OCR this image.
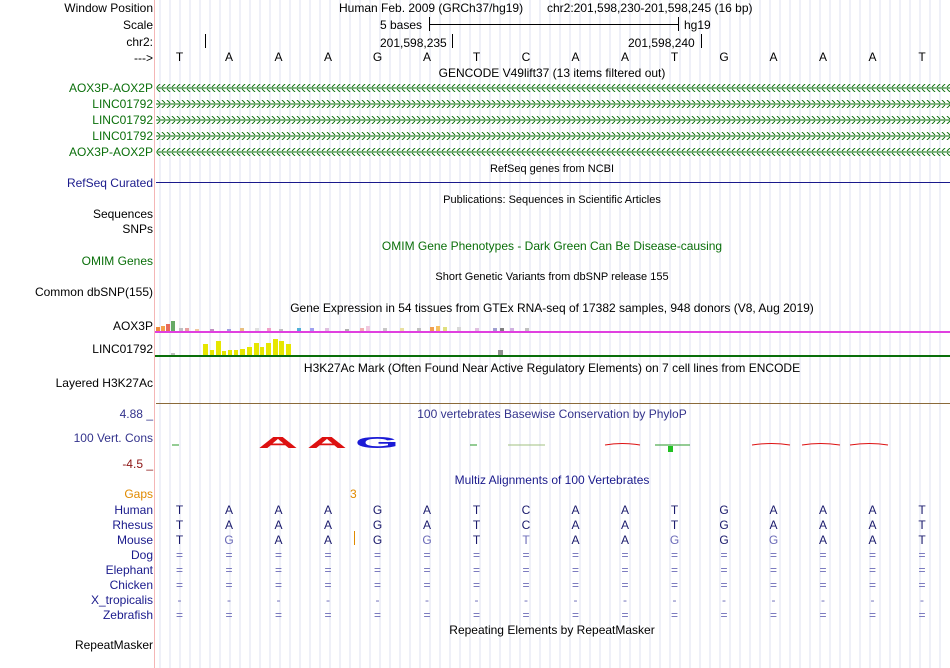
Window Position
Scale
chr2:
--->
Human Feb. 2009 (GRCh37/hg19) chr2:201,598,230-201,598,245 (16 bp)
5 bases	hg19
201,598,235	201,598,240
T	A	A	A	G	A	T	C	A	A	T	G	A	A	A	T
GENCODE V49lift37 (13 items filtered out)
AOX3P-AOX2P
LINC01792
LINC01792
LINC01792
AOX3P-AOX2P
RefSeq genes from NCBI
RefSeq Curated
Publications: Sequences in Scientific Articles
Sequences
SNPs
OMIM Gene Phenotypes - Dark Green Can Be Disease-causing
OMIM Genes
Short Genetic Variants from dbSNP release 155
Common dbSNP(155)
Gene Expression in 54 tissues from GTEx RNA-seq of 17382 samples, 948 donors (V8, Aug 2019)
AOX3P
LINC01792
H3K27Ac Mark (Often Found Near Active Regulatory Elements) on 7 cell lines from ENCODE
Layered H3K27Ac
100 vertebrates Basewise Conservation by PhyloP
4.88 _
100 Vert. Cons
-4.5 _
A A G
Multiz Alignments of 100 Vertebrates
Gaps	3
Human	T	A	A	A	G	A	T	C	A	A	T	G	A	A	A	T
Rhesus	T	A	A	A	G	A	T	C	A	A	T	G	A	A	A	T
Mouse	T	G	A	A	G	G	T	T	A	A	G	G	G	A	A	T
Dog	=	=	=	=	=	=	=	=	=	=	=	=	=	=	=	=
Elephant	=	=	=	=	=	=	=	=	=	=	=	=	=	=	=	=
Chicken	=	=	=	=	=	=	=	=	=	=	=	=	=	=	=	=
X_tropicalis	-	-	-	-	-	-	-	-	-	-	-	-	-	-	-	-
Zebrafish	=	=	=	=	=	=	=	=	=	=	=	=	=	=	=	=
Repeating Elements by RepeatMasker
RepeatMasker
